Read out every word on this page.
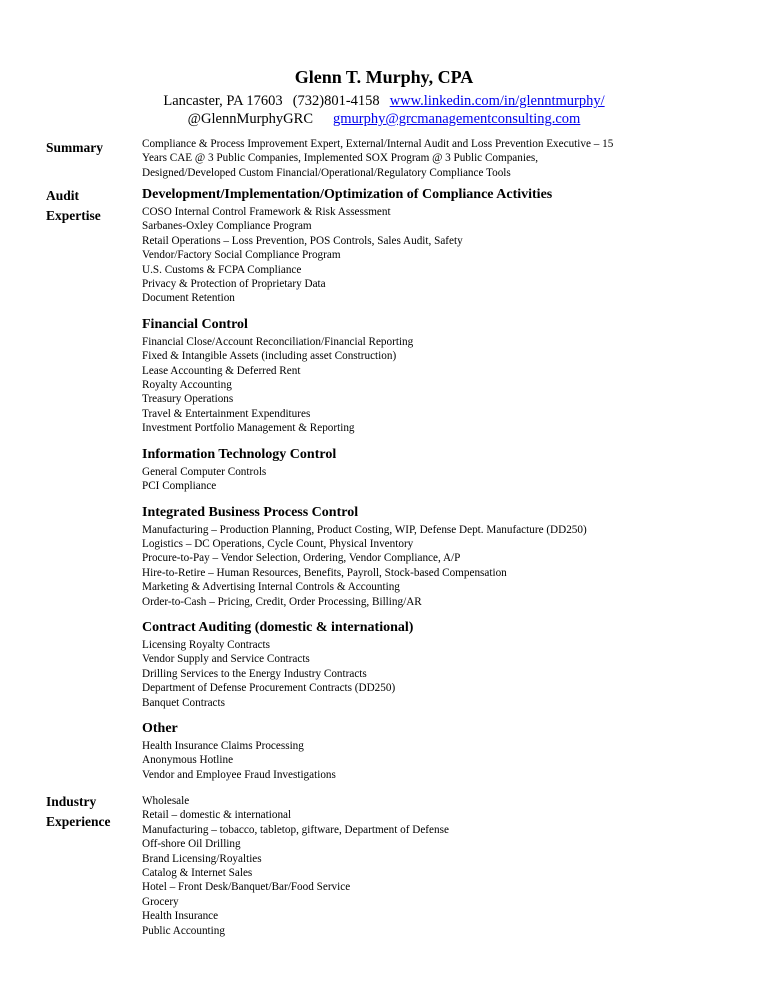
Glenn T. Murphy, CPA
Lancaster, PA 17603 (732)801-4158 www.linkedin.com/in/glenntmurphy/
@GlennMurphyGRC gmurphy@grcmanagementconsulting.com
Summary	Compliance & Process Improvement Expert, External/Internal Audit and Loss Prevention Executive – 15
Years CAE @ 3 Public Companies, Implemented SOX Program @ 3 Public Companies,
Designed/Developed Custom Financial/Operational/Regulatory Compliance Tools
Audit
Expertise
Development/Implementation/Optimization of Compliance Activities
COSO Internal Control Framework & Risk Assessment
Sarbanes-Oxley Compliance Program
Retail Operations – Loss Prevention, POS Controls, Sales Audit, Safety
Vendor/Factory Social Compliance Program
U.S. Customs & FCPA Compliance
Privacy & Protection of Proprietary Data
Document Retention
Financial Control
Financial Close/Account Reconciliation/Financial Reporting
Fixed & Intangible Assets (including asset Construction)
Lease Accounting & Deferred Rent
Royalty Accounting
Treasury Operations
Travel & Entertainment Expenditures
Investment Portfolio Management & Reporting
Information Technology Control
General Computer Controls
PCI Compliance
Integrated Business Process Control
Manufacturing – Production Planning, Product Costing, WIP, Defense Dept. Manufacture (DD250)
Logistics – DC Operations, Cycle Count, Physical Inventory
Procure-to-Pay – Vendor Selection, Ordering, Vendor Compliance, A/P
Hire-to-Retire – Human Resources, Benefits, Payroll, Stock-based Compensation
Marketing & Advertising Internal Controls & Accounting
Order-to-Cash – Pricing, Credit, Order Processing, Billing/AR
Contract Auditing (domestic & international)
Licensing Royalty Contracts
Vendor Supply and Service Contracts
Drilling Services to the Energy Industry Contracts
Department of Defense Procurement Contracts (DD250)
Banquet Contracts
Other
Health Insurance Claims Processing
Anonymous Hotline
Vendor and Employee Fraud Investigations
Industry
Experience
Wholesale
Retail – domestic & international
Manufacturing – tobacco, tabletop, giftware, Department of Defense
Off-shore Oil Drilling
Brand Licensing/Royalties
Catalog & Internet Sales
Hotel – Front Desk/Banquet/Bar/Food Service
Grocery
Health Insurance
Public Accounting
